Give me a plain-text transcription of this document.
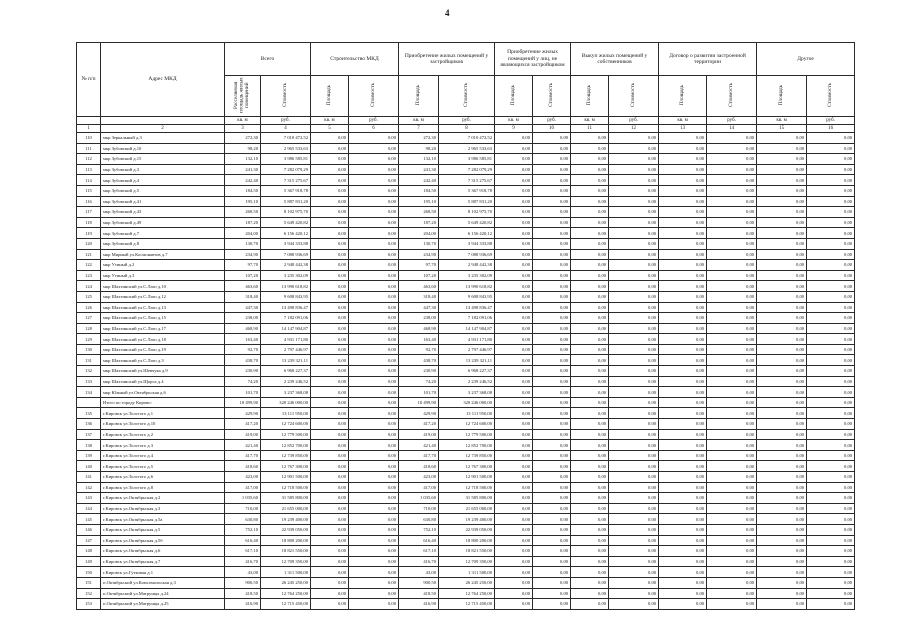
4
№ п/п	Адрес МКД	Всего		Строительство МКД		Приобретение жилых помещений у застройщиков		Приобретение жилых помещений у лиц, не являющихся застройщиком		Выкуп жилых помещений у собственников		Договор о развитии застроенной территории		Другое	
		Расселяемая площадь жилых помещений	Стоимость	Площадь	Стоимость	Площадь	Стоимость	Площадь	Стоимость	Площадь	Стоимость	Площадь	Стоимость	Площадь	Стоимость
		кв. м	руб.	кв. м	руб.	кв. м	руб.	кв. м	руб.	кв. м	руб.	кв. м	руб.	кв. м	руб.
1	2	3	4	5	6	7	8	9	10	11	12	13	14	15	16
110	мкр Зеркальный д.3	272,30	7 010 472,52	0,00	0,00	272,30	7 010 472,52	0,00	0,00	0,00	0,00	0,00	0,00	0,00	0,00
111	мкр Зубовский д.10	98,20	2 965 533,63	0,00	0,00	98,20	2 965 533,63	0,00	0,00	0,00	0,00	0,00	0,00	0,00	0,00
112	мкр Зубовский д.15	132,10	3 986 585,81	0,00	0,00	132,10	3 986 585,81	0,00	0,00	0,00	0,00	0,00	0,00	0,00	0,00
113	мкр Зубовский д.3	241,30	7 282 079,29	0,00	0,00	241,30	7 282 079,29	0,00	0,00	0,00	0,00	0,00	0,00	0,00	0,00
114	мкр Зубовский д.4	242,40	7 315 275,67	0,00	0,00	242,40	7 315 275,67	0,00	0,00	0,00	0,00	0,00	0,00	0,00	0,00
115	мкр Зубовский д.5	184,50	5 367 918,78	0,00	0,00	184,50	5 367 918,78	0,00	0,00	0,00	0,00	0,00	0,00	0,00	0,00
116	мкр Зубовский д.41	195,10	5 887 831,20	0,00	0,00	195,10	5 887 831,20	0,00	0,00	0,00	0,00	0,00	0,00	0,00	0,00
117	мкр Зубовский д.43	268,50	8 102 975,70	0,00	0,00	268,50	8 102 975,70	0,00	0,00	0,00	0,00	0,00	0,00	0,00	0,00
118	мкр Зубовский д.49	187,20	5 649 420,82	0,00	0,00	187,20	5 649 420,82	0,00	0,00	0,00	0,00	0,00	0,00	0,00	0,00
119	мкр Зубовский д.7	204,00	6 156 420,12	0,00	0,00	204,00	6 156 420,12	0,00	0,00	0,00	0,00	0,00	0,00	0,00	0,00
120	мкр Зубовский д.8	130,70	3 944 333,88	0,00	0,00	130,70	3 944 333,88	0,00	0,00	0,00	0,00	0,00	0,00	0,00	0,00
121	мкр Мирный ул.Космонавтов д.7	234,90	7 088 936,69	0,00	0,00	234,90	7 088 936,69	0,00	0,00	0,00	0,00	0,00	0,00	0,00	0,00
122	мкр Утиный д.2	97,70	2 948 442,38	0,00	0,00	97,70	2 948 442,38	0,00	0,00	0,00	0,00	0,00	0,00	0,00	0,00
123	мкр Утиный д.3	107,20	3 235 302,09	0,00	0,00	107,20	3 235 302,09	0,00	0,00	0,00	0,00	0,00	0,00	0,00	0,00
124	мкр Шахтинский ул.С.Лазо д.10	463,60	13 990 618,82	0,00	0,00	463,60	13 990 618,82	0,00	0,00	0,00	0,00	0,00	0,00	0,00	0,00
125	мкр Шахтинский ул.С.Лазо д.12	318,40	9 608 843,95	0,00	0,00	318,40	9 608 843,95	0,00	0,00	0,00	0,00	0,00	0,00	0,00	0,00
126	мкр Шахтинский ул.С.Лазо д.13	447,30	13 498 836,47	0,00	0,00	447,30	13 498 836,47	0,00	0,00	0,00	0,00	0,00	0,00	0,00	0,00
127	мкр Шахтинский ул.С.Лазо д.15	238,00	7 182 091,06	0,00	0,00	238,00	7 182 091,06	0,00	0,00	0,00	0,00	0,00	0,00	0,00	0,00
128	мкр Шахтинский ул.С.Лазо д.17	468,90	14 147 904,87	0,00	0,00	468,90	14 147 904,87	0,00	0,00	0,00	0,00	0,00	0,00	0,00	0,00
129	мкр Шахтинский ул.С.Лазо д.18	163,40	4 931 171,80	0,00	0,00	163,40	4 931 171,80	0,00	0,00	0,00	0,00	0,00	0,00	0,00	0,00
130	мкр Шахтинский ул.С.Лазо д.19	92,70	2 797 446,97	0,00	0,00	92,70	2 797 446,97	0,00	0,00	0,00	0,00	0,00	0,00	0,00	0,00
131	мкр Шахтинский ул.С.Лазо д.3	438,70	13 239 321,11	0,00	0,00	438,70	13 239 321,11	0,00	0,00	0,00	0,00	0,00	0,00	0,00	0,00
132	мкр Шахтинский ул.Шевчука д.9	230,90	6 968 227,37	0,00	0,00	230,90	6 968 227,37	0,00	0,00	0,00	0,00	0,00	0,00	0,00	0,00
133	мкр Шахтинский ул.Щорса д.4	74,20	2 239 246,52	0,00	0,00	74,20	2 239 246,52	0,00	0,00	0,00	0,00	0,00	0,00	0,00	0,00
134	мкр Южный ул.Октябрьская д.6	101,70	3 237 368,08	0,00	0,00	101,70	3 237 368,08	0,00	0,00	0,00	0,00	0,00	0,00	0,00	0,00
	Итого по городу Кирово:	10 499,90	320 246 000,00	0,00	0,00	10 499,90	320 246 000,00	0,00	0,00	0,00	0,00	0,00	0,00	0,00	0,00
135	г.Кировск ул.Толстого д.1	429,90	13 111 950,00	0,00	0,00	429,90	13 111 950,00	0,00	0,00	0,00	0,00	0,00	0,00	0,00	0,00
136	г.Кировск ул.Толстого д.10	417,20	12 724 600,00	0,00	0,00	417,20	12 724 600,00	0,00	0,00	0,00	0,00	0,00	0,00	0,00	0,00
137	г.Кировск ул.Толстого д.2	419,00	12 779 500,00	0,00	0,00	419,00	12 779 500,00	0,00	0,00	0,00	0,00	0,00	0,00	0,00	0,00
138	г.Кировск ул.Толстого д.3	421,40	12 852 700,00	0,00	0,00	421,40	12 852 700,00	0,00	0,00	0,00	0,00	0,00	0,00	0,00	0,00
139	г.Кировск ул.Толстого д.4	417,70	12 739 850,00	0,00	0,00	417,70	12 739 850,00	0,00	0,00	0,00	0,00	0,00	0,00	0,00	0,00
140	г.Кировск ул.Толстого д.5	418,60	12 767 300,00	0,00	0,00	418,60	12 767 300,00	0,00	0,00	0,00	0,00	0,00	0,00	0,00	0,00
141	г.Кировск ул.Толстого д.6	423,00	12 901 500,00	0,00	0,00	423,00	12 901 500,00	0,00	0,00	0,00	0,00	0,00	0,00	0,00	0,00
142	г.Кировск ул.Толстого д.8	417,00	12 718 500,00	0,00	0,00	417,00	12 718 500,00	0,00	0,00	0,00	0,00	0,00	0,00	0,00	0,00
143	г.Кировск ул.Октябрьская д.2	1 035,60	31 585 800,00	0,00	0,00	1 035,60	31 585 800,00	0,00	0,00	0,00	0,00	0,00	0,00	0,00	0,00
144	г.Кировск ул.Октябрьская д.3	710,00	21 655 000,00	0,00	0,00	710,00	21 655 000,00	0,00	0,00	0,00	0,00	0,00	0,00	0,00	0,00
145	г.Кировск ул.Октябрьская д.5а	630,80	19 239 400,00	0,00	0,00	630,80	19 239 400,00	0,00	0,00	0,00	0,00	0,00	0,00	0,00	0,00
146	г.Кировск ул.Октябрьская д.5	752,10	22 939 050,00	0,00	0,00	752,10	22 939 050,00	0,00	0,00	0,00	0,00	0,00	0,00	0,00	0,00
147	г.Кировск ул.Октябрьская д.5б	616,40	18 800 200,00	0,00	0,00	616,40	18 800 200,00	0,00	0,00	0,00	0,00	0,00	0,00	0,00	0,00
148	г.Кировск ул.Октябрьская д.6	617,10	18 821 550,00	0,00	0,00	617,10	18 821 550,00	0,00	0,00	0,00	0,00	0,00	0,00	0,00	0,00
149	г.Кировск ул.Октябрьская д.7	416,70	12 709 350,00	0,00	0,00	416,70	12 709 350,00	0,00	0,00	0,00	0,00	0,00	0,00	0,00	0,00
150	г.Кировск ул.Гутковая д.1	43,00	1 311 500,00	0,00	0,00	43,00	1 311 500,00	0,00	0,00	0,00	0,00	0,00	0,00	0,00	0,00
151	п.Октябрьский ул.Комсомольская д.3	900,50	26 245 250,00	0,00	0,00	900,50	26 245 250,00	0,00	0,00	0,00	0,00	0,00	0,00	0,00	0,00
152	п.Октябрьский ул.Матрунцы д.24	418,50	12 764 250,00	0,00	0,00	418,50	12 764 250,00	0,00	0,00	0,00	0,00	0,00	0,00	0,00	0,00
153	п.Октябрьский ул.Матрунцы д.25	416,90	12 715 450,00	0,00	0,00	416,90	12 715 450,00	0,00	0,00	0,00	0,00	0,00	0,00	0,00	0,00
